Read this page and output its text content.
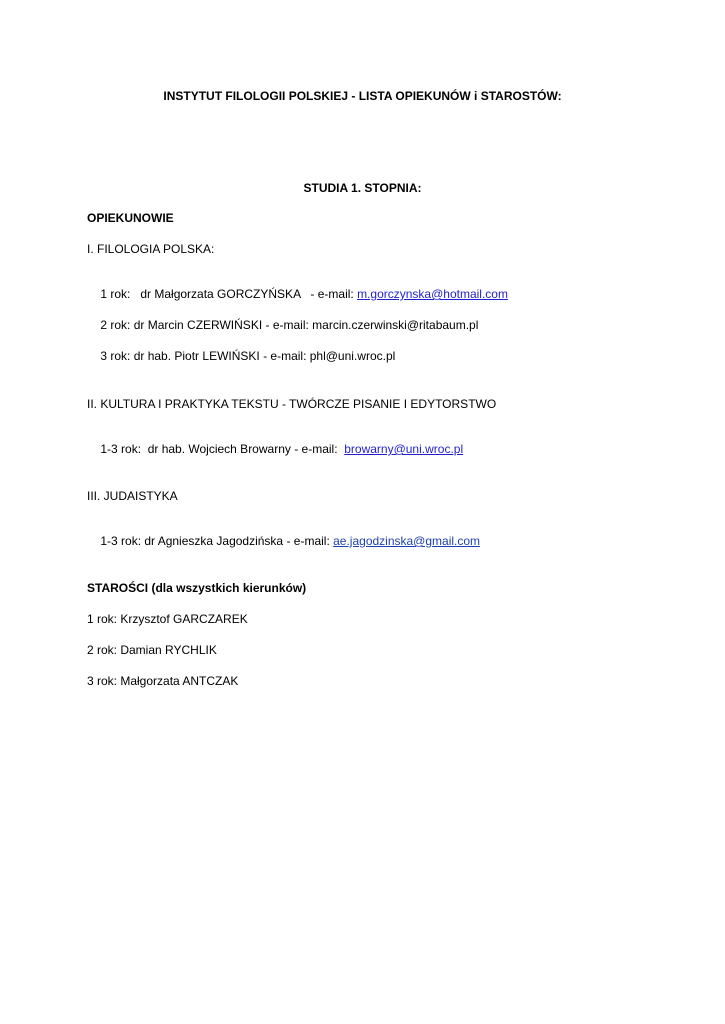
INSTYTUT FILOLOGII POLSKIEJ - LISTA OPIEKUNÓW i STAROSTÓW:
STUDIA 1. STOPNIA:
OPIEKUNOWIE
I. FILOLOGIA POLSKA:

1 rok:   dr Małgorzata GORCZYŃSKA   - e-mail: m.gorczynska@hotmail.com

2 rok: dr Marcin CZERWIŃSKI - e-mail: marcin.czerwinski@ritabaum.pl

3 rok: dr hab. Piotr LEWIŃSKI - e-mail: phl@uni.wroc.pl

II. KULTURA I PRAKTYKA TEKSTU - TWÓRCZE PISANIE I EDYTORSTWO

1-3 rok:  dr hab. Wojciech Browarny - e-mail:  browarny@uni.wroc.pl

III. JUDAISTYKA

1-3 rok: dr Agnieszka Jagodzińska - e-mail: ae.jagodzinska@gmail.com

STAROŚCI (dla wszystkich kierunków)
1 rok: Krzysztof GARCZAREK
2 rok: Damian RYCHLIK
3 rok: Małgorzata ANTCZAK
